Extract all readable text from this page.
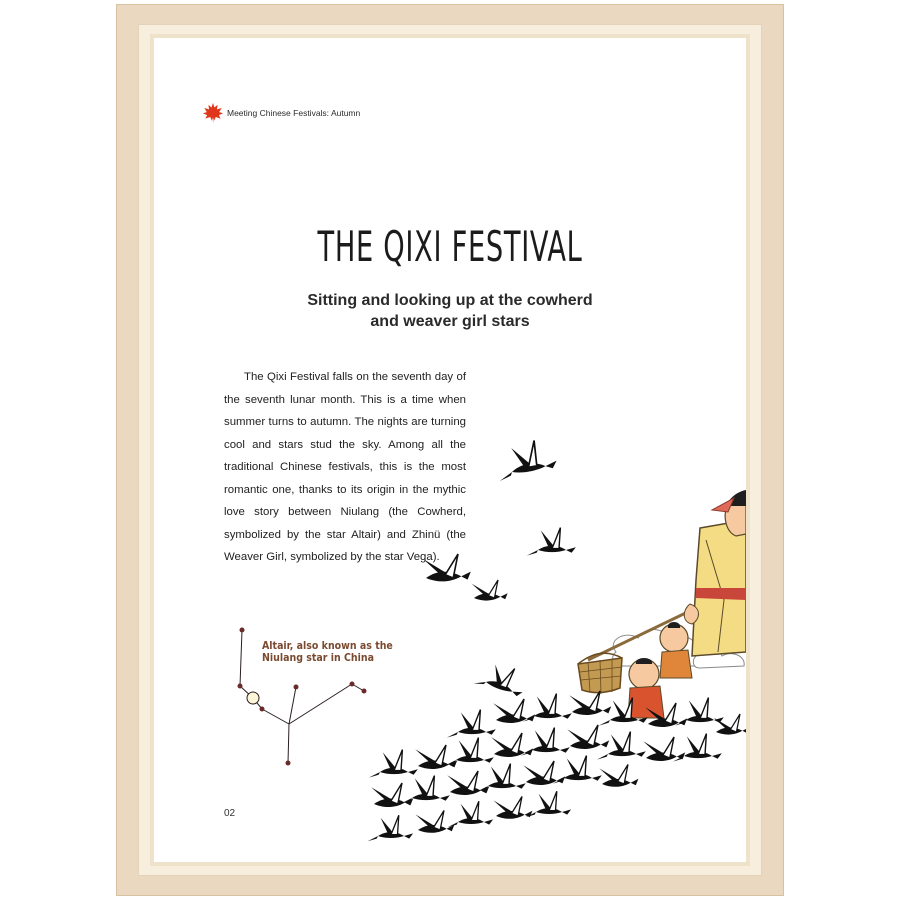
Meeting Chinese Festivals: Autumn
THE QIXI FESTIVAL
Sitting and looking up at the cowherd
and weaver girl stars

The Qixi Festival falls on the seventh day of the seventh lunar month. This is a time when summer turns to autumn. The nights are turning cool and stars stud the sky. Among all the traditional Chinese festivals, this is the most romantic one, thanks to its origin in the mythic love story between Niulang (the Cowherd, symbolized by the star Altair) and Zhinü (the Weaver Girl, symbolized by the star Vega).

Altair, also known as the
Niulang star in China
02
